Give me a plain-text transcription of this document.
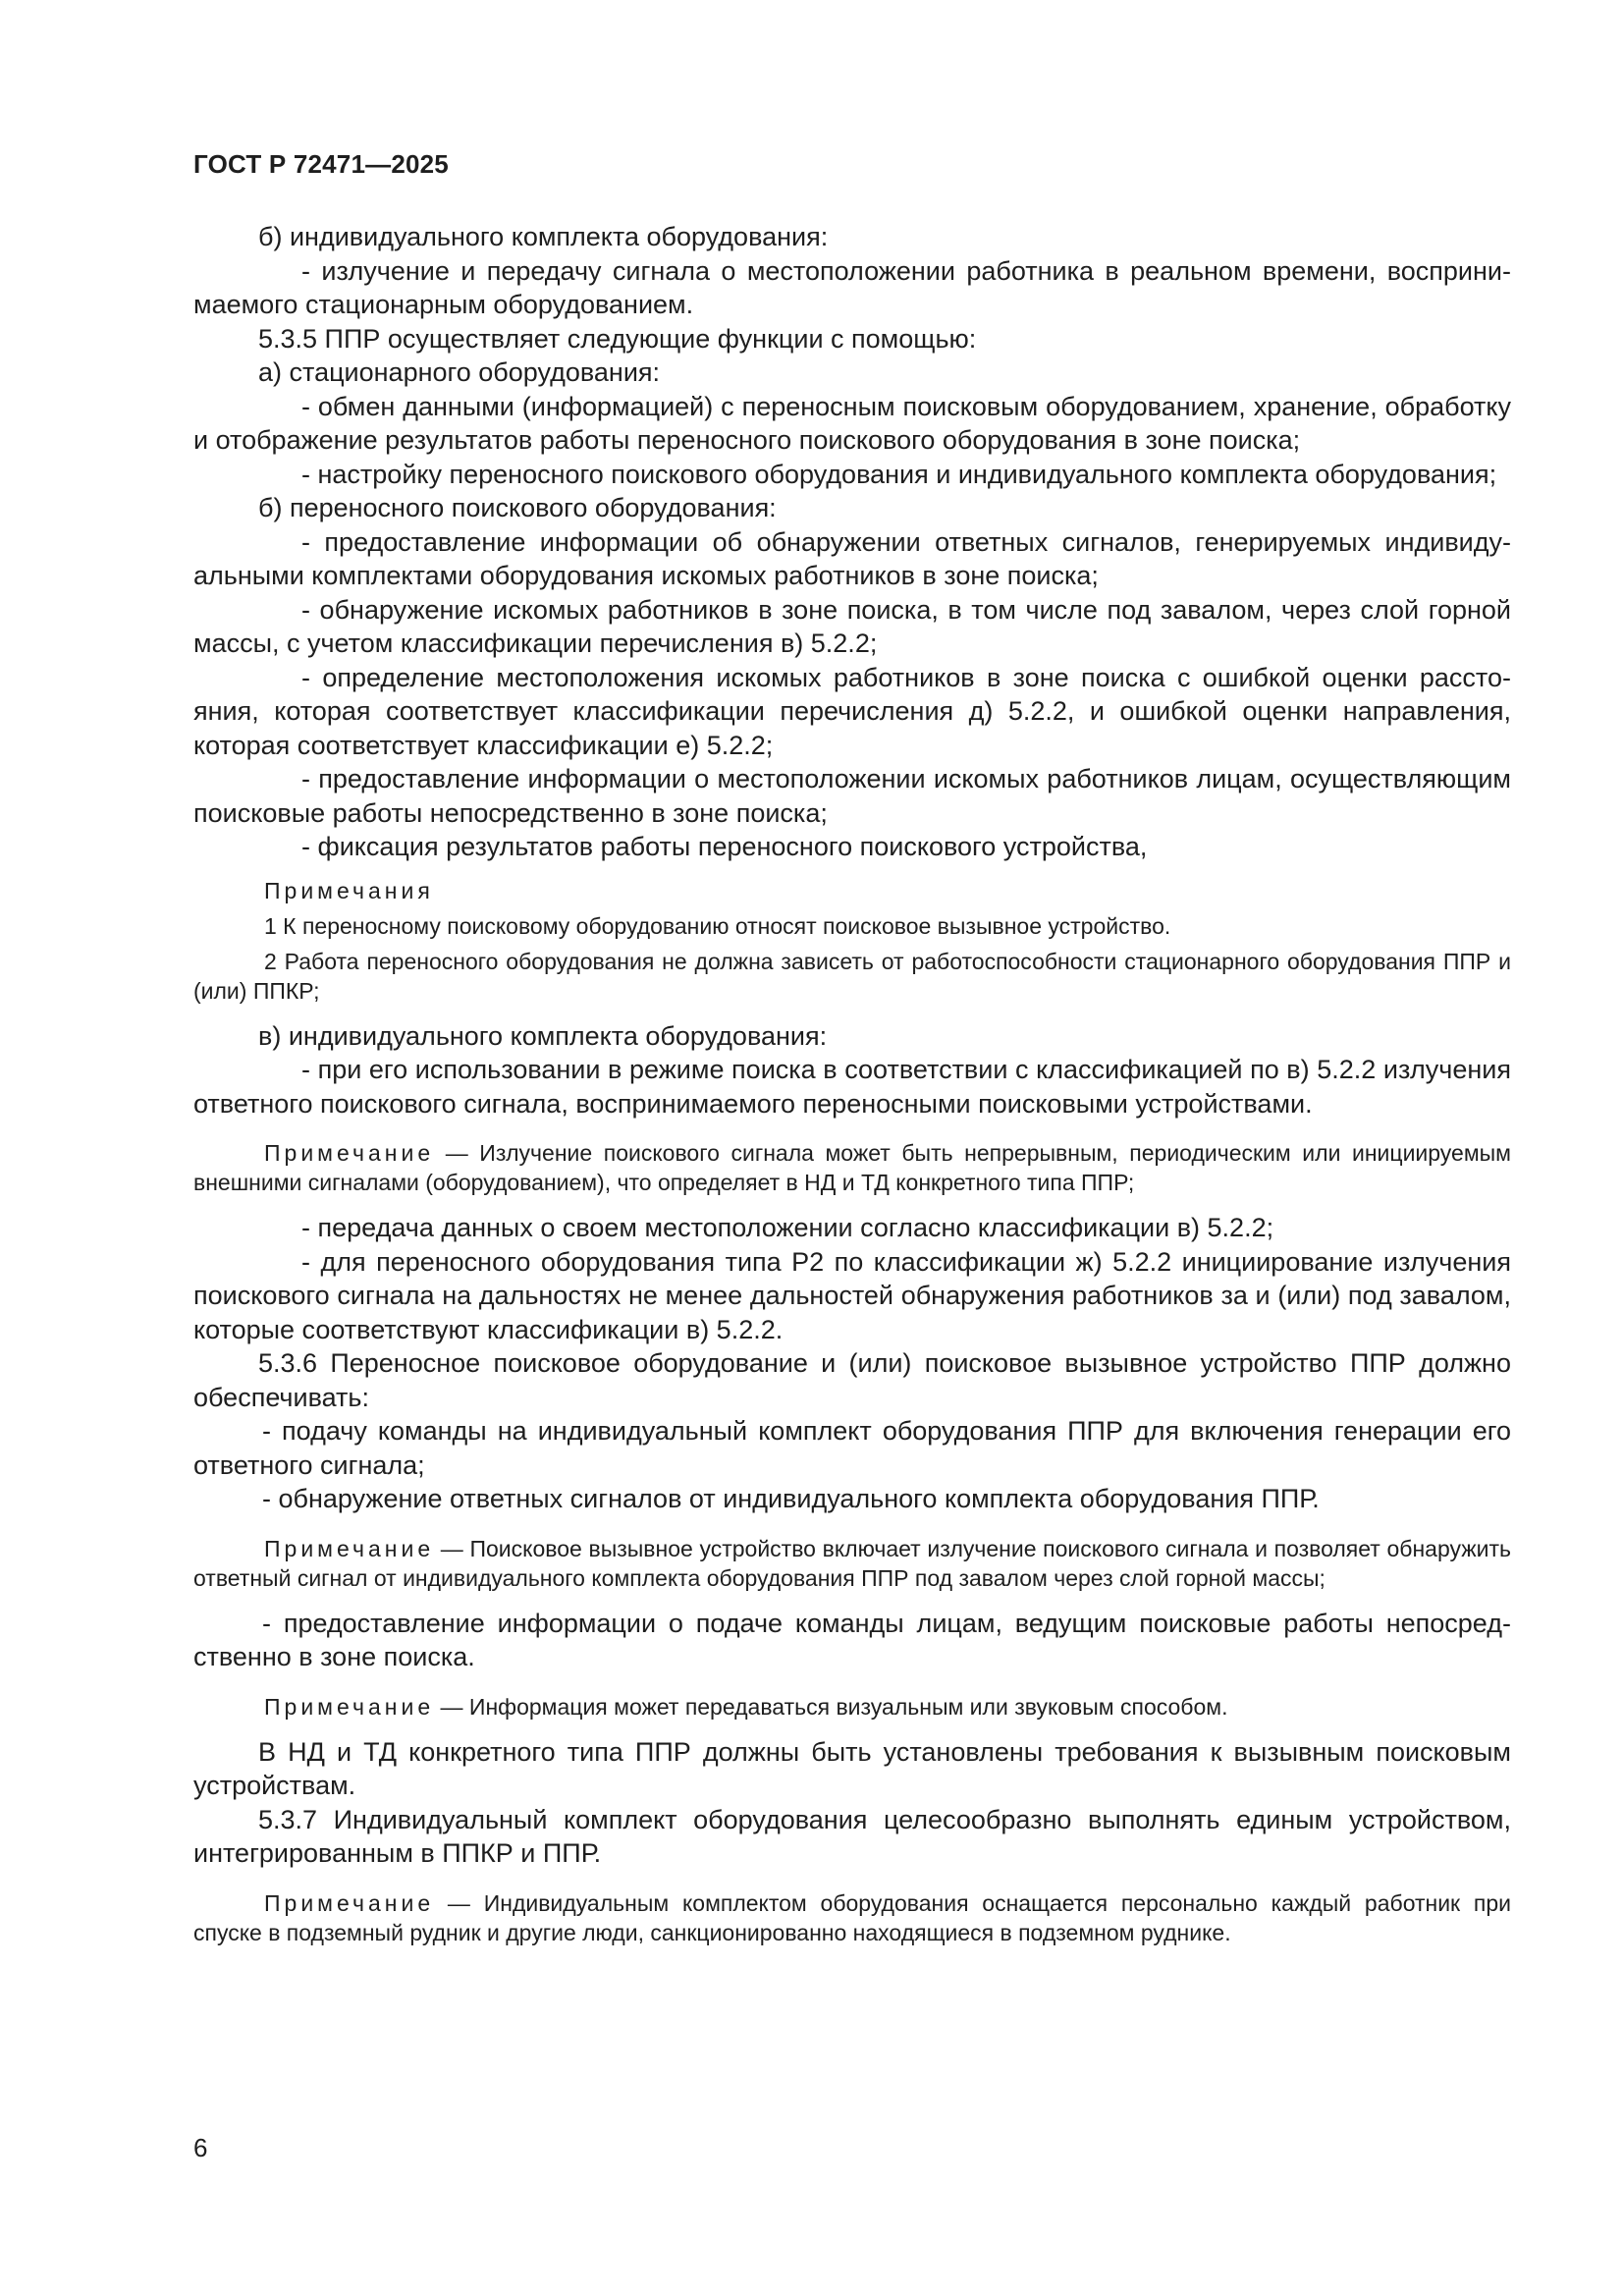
ГОСТ Р 72471—2025

б) индивидуального комплекта оборудования:

- излучение и передачу сигнала о местоположении работника в реальном времени, воспринимаемого стационарным оборудованием.

5.3.5 ППР осуществляет следующие функции с помощью:

а) стационарного оборудования:

- обмен данными (информацией) с переносным поисковым оборудованием, хранение, обработку и отображение результатов работы переносного поискового оборудования в зоне поиска;

- настройку переносного поискового оборудования и индивидуального комплекта оборудования;

б) переносного поискового оборудования:

- предоставление информации об обнаружении ответных сигналов, генерируемых индивидуальными комплектами оборудования искомых работников в зоне поиска;

- обнаружение искомых работников в зоне поиска, в том числе под завалом, через слой горной массы, с учетом классификации перечисления в) 5.2.2;

- определение местоположения искомых работников в зоне поиска с ошибкой оценки расстояния, которая соответствует классификации перечисления д) 5.2.2, и ошибкой оценки направления, которая соответствует классификации е) 5.2.2;

- предоставление информации о местоположении искомых работников лицам, осуществляющим поисковые работы непосредственно в зоне поиска;

- фиксация результатов работы переносного поискового устройства,

Примечания

1 К переносному поисковому оборудованию относят поисковое вызывное устройство.

2 Работа переносного оборудования не должна зависеть от работоспособности стационарного оборудования ППР и (или) ППКР;

в) индивидуального комплекта оборудования:

- при его использовании в режиме поиска в соответствии с классификацией по в) 5.2.2 излучения ответного поискового сигнала, воспринимаемого переносными поисковыми устройствами.

Примечание — Излучение поискового сигнала может быть непрерывным, периодическим или инициируемым внешними сигналами (оборудованием), что определяет в НД и ТД конкретного типа ППР;

- передача данных о своем местоположении согласно классификации в) 5.2.2;

- для переносного оборудования типа Р2 по классификации ж) 5.2.2 инициирование излучения поискового сигнала на дальностях не менее дальностей обнаружения работников за и (или) под завалом, которые соответствуют классификации в) 5.2.2.

5.3.6 Переносное поисковое оборудование и (или) поисковое вызывное устройство ППР должно обеспечивать:

- подачу команды на индивидуальный комплект оборудования ППР для включения генерации его ответного сигнала;

- обнаружение ответных сигналов от индивидуального комплекта оборудования ППР.

Примечание — Поисковое вызывное устройство включает излучение поискового сигнала и позволяет обнаружить ответный сигнал от индивидуального комплекта оборудования ППР под завалом через слой горной массы;

- предоставление информации о подаче команды лицам, ведущим поисковые работы непосредственно в зоне поиска.

Примечание — Информация может передаваться визуальным или звуковым способом.

В НД и ТД конкретного типа ППР должны быть установлены требования к вызывным поисковым устройствам.

5.3.7 Индивидуальный комплект оборудования целесообразно выполнять единым устройством, интегрированным в ППКР и ППР.

Примечание — Индивидуальным комплектом оборудования оснащается персонально каждый работник при спуске в подземный рудник и другие люди, санкционированно находящиеся в подземном руднике.

6
